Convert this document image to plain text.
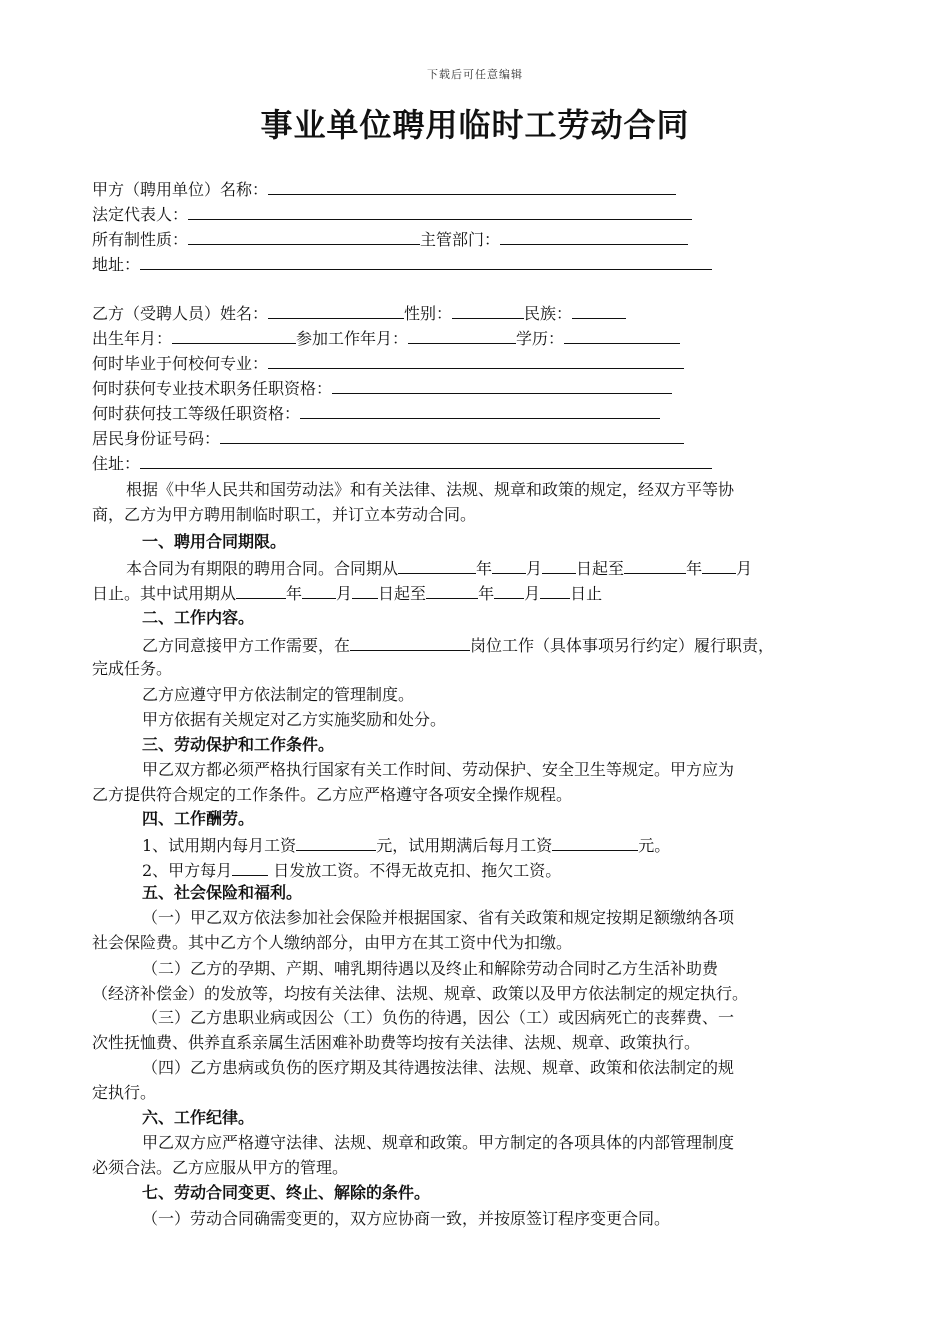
下载后可任意编辑
事业单位聘用临时工劳动合同
甲方（聘用单位）名称：
法定代表人：
所有制性质：	主管部门：
地址：
乙方（受聘人员）姓名：	性别：	民族：
出生年月：	参加工作年月：	学历：
何时毕业于何校何专业：
何时获何专业技术职务任职资格：
何时获何技工等级任职资格：
居民身份证号码：
住址：
根据《中华人民共和国劳动法》和有关法律、法规、规章和政策的规定，经双方平等协
商，乙方为甲方聘用制临时职工，并订立本劳动合同。
一、聘用合同期限。
本合同为有期限的聘用合同。合同期从	年 月 日起至	年 月
日止。其中试用期从	年 月 日起至	年 月 日止
二、工作内容。
乙方同意接甲方工作需要，在	岗位工作（具体事项另行约定）履行职责，
完成任务。
乙方应遵守甲方依法制定的管理制度。
甲方依据有关规定对乙方实施奖励和处分。
三、劳动保护和工作条件。
甲乙双方都必须严格执行国家有关工作时间、劳动保护、安全卫生等规定。甲方应为
乙方提供符合规定的工作条件。乙方应严格遵守各项安全操作规程。
四、工作酬劳。
1、试用期内每月工资	元，试用期满后每月工资	元。
2、甲方每月 日发放工资。不得无故克扣、拖欠工资。
五、社会保险和福利。
（一）甲乙双方依法参加社会保险并根据国家、省有关政策和规定按期足额缴纳各项
社会保险费。其中乙方个人缴纳部分，由甲方在其工资中代为扣缴。
（二）乙方的孕期、产期、哺乳期待遇以及终止和解除劳动合同时乙方生活补助费
（经济补偿金）的发放等，均按有关法律、法规、规章、政策以及甲方依法制定的规定执行。
（三）乙方患职业病或因公（工）负伤的待遇，因公（工）或因病死亡的丧葬费、一
次性抚恤费、供养直系亲属生活困难补助费等均按有关法律、法规、规章、政策执行。
（四）乙方患病或负伤的医疗期及其待遇按法律、法规、规章、政策和依法制定的规
定执行。
六、工作纪律。
甲乙双方应严格遵守法律、法规、规章和政策。甲方制定的各项具体的内部管理制度
必须合法。乙方应服从甲方的管理。
七、劳动合同变更、终止、解除的条件。
（一）劳动合同确需变更的，双方应协商一致，并按原签订程序变更合同。
